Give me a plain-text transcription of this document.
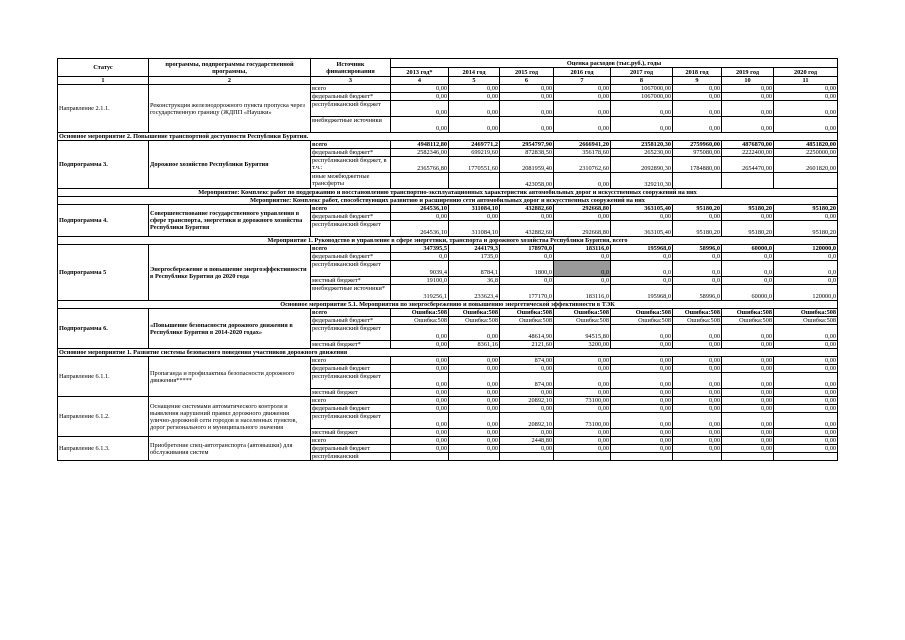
Статус	программы, подпрограммы государственной программы,	Источник финансирования	Оценка расходов (тыс.руб.), годы							
			2013 год*	2014 год	2015 год	2016 год	2017 год	2018 год	2019 год	2020 год
1	2	3	4	5	6	7	8	9	10	11
Направление 2.1.1.	Реконструкция железнодорожного пункта пропуска через государственную границу (ЖДПП «Наушки»	всего	0,00	0,00	0,00	0,00	1067000,00	0,00	0,00	0,00
		федеральный бюджет*	0,00	0,00	0,00	0,00	1067000,00	0,00	0,00	0,00
		республиканский бюджет	0,00	0,00	0,00	0,00	0,00	0,00	0,00	0,00
		внебюджетные источники	0,00	0,00	0,00	0,00	0,00	0,00	0,00	0,00
Основное мероприятие 2. Повышение транспортной доступности Республики Бурятия.										
Подпрограмма 3.	Дорожное хозяйство Республики Бурятия	всего	4948112,80	2469771,2	2954797,90	2666941,20	2358120,30	2759960,00	4876870,00	4851820,00
		федеральный бюджет*	2582346,00	699219,60	872838,50	356178,60	265230,00	975080,00	2222400,00	2250000,00
		республиканский бюджет, в т.ч.:	2365766,80	1770551,60	2081959,40	2310762,60	2092890,30	1784880,00	2654470,00	2601820,00
		иные межбюджетные трансферты			423058,00	0,00	329210,30			
Мероприятие: Комплекс работ по поддержанию и восстановлению транспортно-эксплуатационных характеристик автомобильных дорог и искусственных сооружений на них										
Мероприятие: Комплекс работ, способствующих развитию и расширению сети автомобильных дорог и искусственных сооружений на них										
Подпрограмма 4.	Совершенствование государственного управления в сфере транспорта, энергетики и дорожного хозяйства Республики Бурятия	всего	264536,10	311084,10	432882,60	292668,80	363105,40	95180,20	95180,20	95180,20
		федеральный бюджет*	0,00	0,00	0,00	0,00	0,00	0,00	0,00	0,00
		республиканский бюджет	264536,10	311084,10	432882,60	292668,80	363105,40	95180,20	95180,20	95180,20
Мероприятие 1. Руководство и управление в сфере энергетики, транспорта и дорожного хозяйства Республики Бурятия, всего										
Подпрограмма 5	Энергосбережение и повышение энергоэффективности в Республике Бурятия до 2020 года	всего	347395,5	244179,3	178970,0	183116,0	195968,0	58996,0	60000,0	120000,0
		федеральный бюджет*	0,0	1735,0	0,0	0,0	0,0	0,0	0,0	0,0
		республиканский бюджет	9039,4	8784,1	1800,0	0,0	0,0	0,0	0,0	0,0
		местный бюджет*	19100,0	36,8	0,0	0,0	0,0	0,0	0,0	0,0
		внебюджетные источники*	319256,1	233623,4	177170,0	183116,0	195968,0	58996,0	60000,0	120000,0
Основное мероприятие 5.1. Мероприятия по энергосбережению и повышению энергетической эффективности в ТЭК										
Подпрограмма 6.	«Повышение безопасности дорожного движения в Республике Бурятия в 2014-2020 годах»	всего	Ошибка:508	Ошибка:508	Ошибка:508	Ошибка:508	Ошибка:508	Ошибка:508	Ошибка:508	Ошибка:508
		федеральный бюджет*	Ошибка:508	Ошибка:508	Ошибка:508	Ошибка:508	Ошибка:508	Ошибка:508	Ошибка:508	Ошибка:508
		республиканский бюджет	0,00	0,00	48614,90	94515,80	0,00	0,00	0,00	0,00
		местный бюджет*	0,00	8361,16	2121,60	3200,00	0,00	0,00	0,00	0,00
Основное мероприятие 1. Развитие системы безопасного поведения участников дорожного движения										
Направление 6.1.1.	Пропаганда и профилактика безопасности дорожного движения*****	всего	0,00	0,00	874,00	0,00	0,00	0,00	0,00	0,00
		федеральный бюджет	0,00	0,00	0,00	0,00	0,00	0,00	0,00	0,00
		республиканский бюджет	0,00	0,00	874,00	0,00	0,00	0,00	0,00	0,00
		местный бюджет	0,00	0,00	0,00	0,00	0,00	0,00	0,00	0,00
Направление 6.1.2.	Оснащение системами автоматического контроля и выявления нарушений правил дорожного движения улично-дорожной сети городов и населенных пунктов, дорог регионального и муниципального значения	всего	0,00	0,00	20892,10	73100,00	0,00	0,00	0,00	0,00
		федеральный бюджет	0,00	0,00	0,00	0,00	0,00	0,00	0,00	0,00
		республиканский бюджет	0,00	0,00	20892,10	73100,00	0,00	0,00	0,00	0,00
		местный бюджет	0,00	0,00	0,00	0,00	0,00	0,00	0,00	0,00
Направление 6.1.3.	Приобретение спец-автотранспорта (автовышки) для обслуживания систем	всего	0,00	0,00	2448,80	0,00	0,00	0,00	0,00	0,00
		федеральный бюджет	0,00	0,00	0,00	0,00	0,00	0,00	0,00	0,00
		республиканский								
